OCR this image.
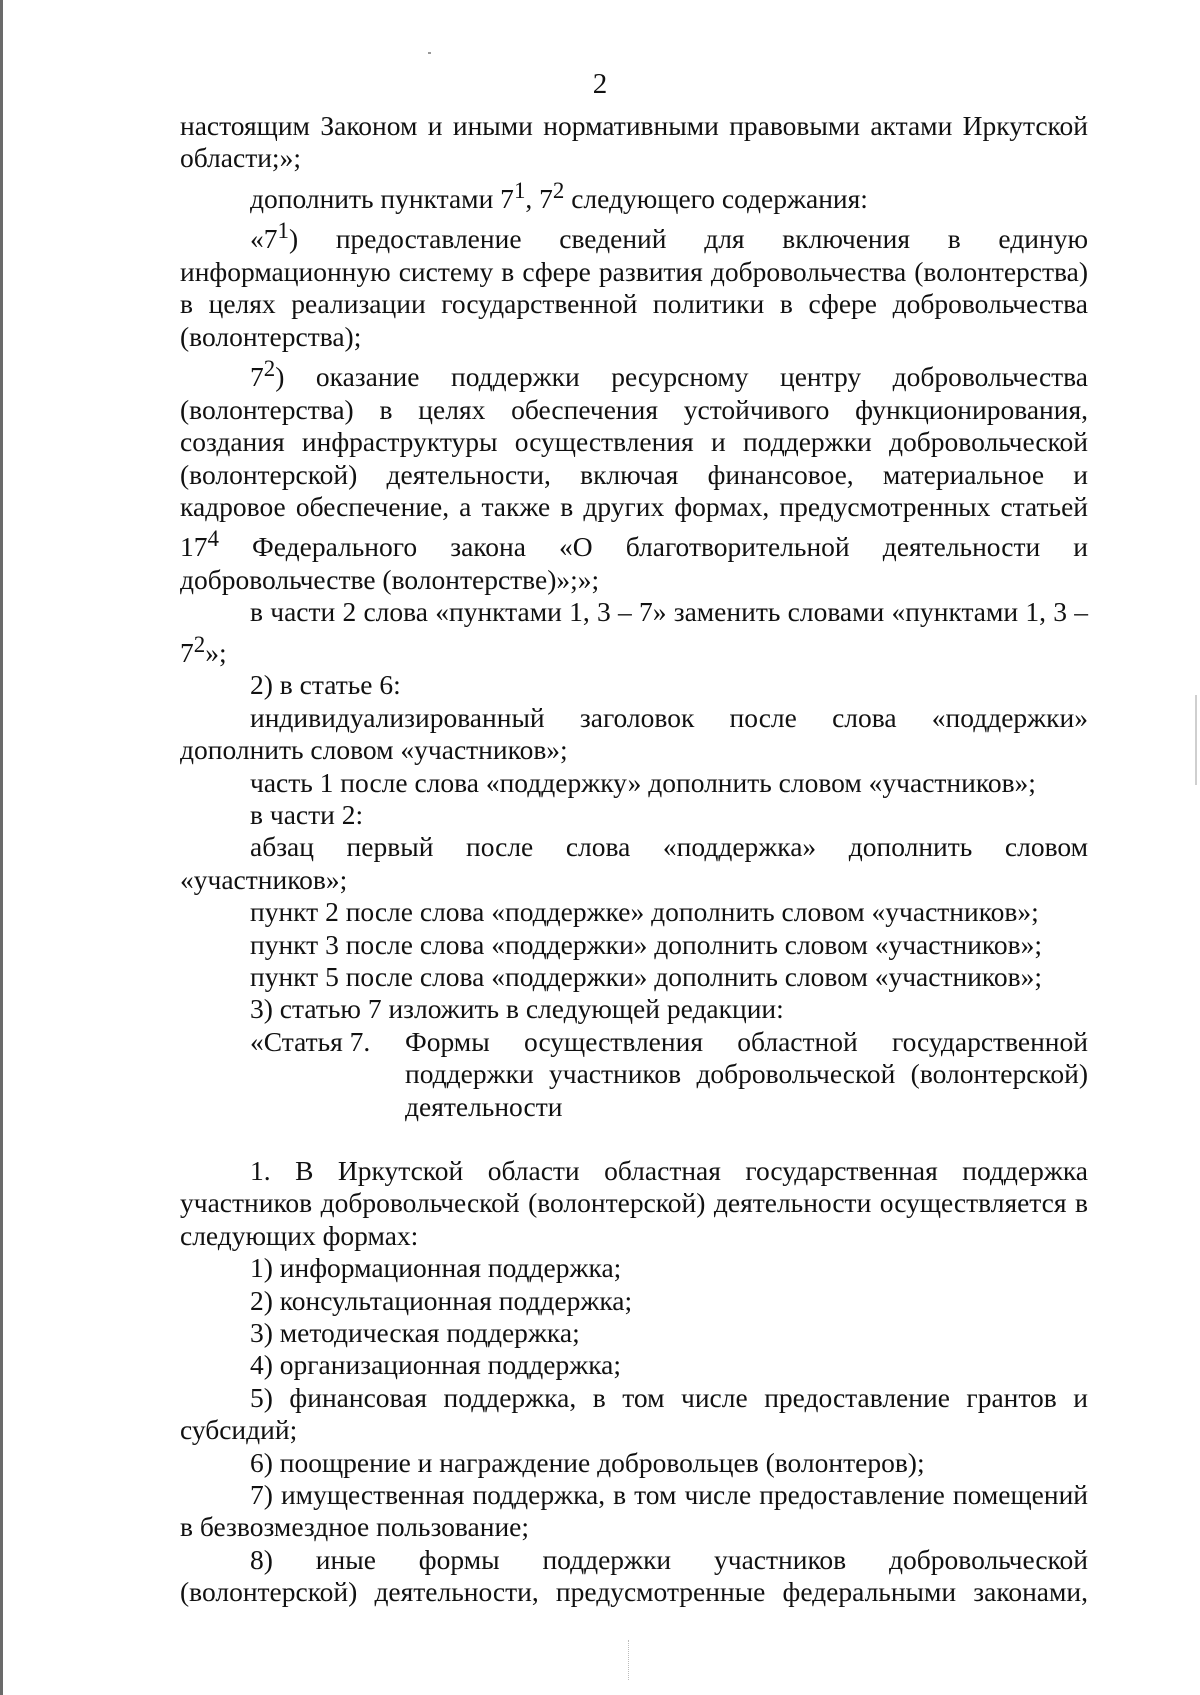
2

настоящим Законом и иными нормативными правовыми актами Иркутской области;»;

дополнить пунктами $7^1$, $7^2$ следующего содержания:

«$7^1$) предоставление сведений для включения в единую информационную систему в сфере развития добровольчества (волонтерства) в целях реализации государственной политики в сфере добровольчества (волонтерства);

$7^2$) оказание поддержки ресурсному центру добровольчества (волонтерства) в целях обеспечения устойчивого функционирования, создания инфраструктуры осуществления и поддержки добровольческой (волонтерской) деятельности, включая финансовое, материальное и кадровое обеспечение, а также в других формах, предусмотренных статьей $17^4$ Федерального закона «О благотворительной деятельности и добровольчестве (волонтерстве)»;»;

в части 2 слова «пунктами 1, 3 – 7» заменить словами «пунктами 1, $3 - 7^2$»;

2) в статье 6:

индивидуализированный заголовок после слова «поддержки» дополнить словом «участников»;

часть 1 после слова «поддержку» дополнить словом «участников»;

в части 2:

абзац первый после слова «поддержка» дополнить словом «участников»;

пункт 2 после слова «поддержке» дополнить словом «участников»;

пункт 3 после слова «поддержки» дополнить словом «участников»;

пункт 5 после слова «поддержки» дополнить словом «участников»;

3) статью 7 изложить в следующей редакции:

«Статья 7.	Формы осуществления областной государственной поддержки участников добровольческой (волонтерской) деятельности

1. В Иркутской области областная государственная поддержка участников добровольческой (волонтерской) деятельности осуществляется в следующих формах:

1) информационная поддержка;

2) консультационная поддержка;

3) методическая поддержка;

4) организационная поддержка;

5) финансовая поддержка, в том числе предоставление грантов и субсидий;

6) поощрение и награждение добровольцев (волонтеров);

7) имущественная поддержка, в том числе предоставление помещений в безвозмездное пользование;

8) иные формы поддержки участников добровольческой (волонтерской) деятельности, предусмотренные федеральными законами,
